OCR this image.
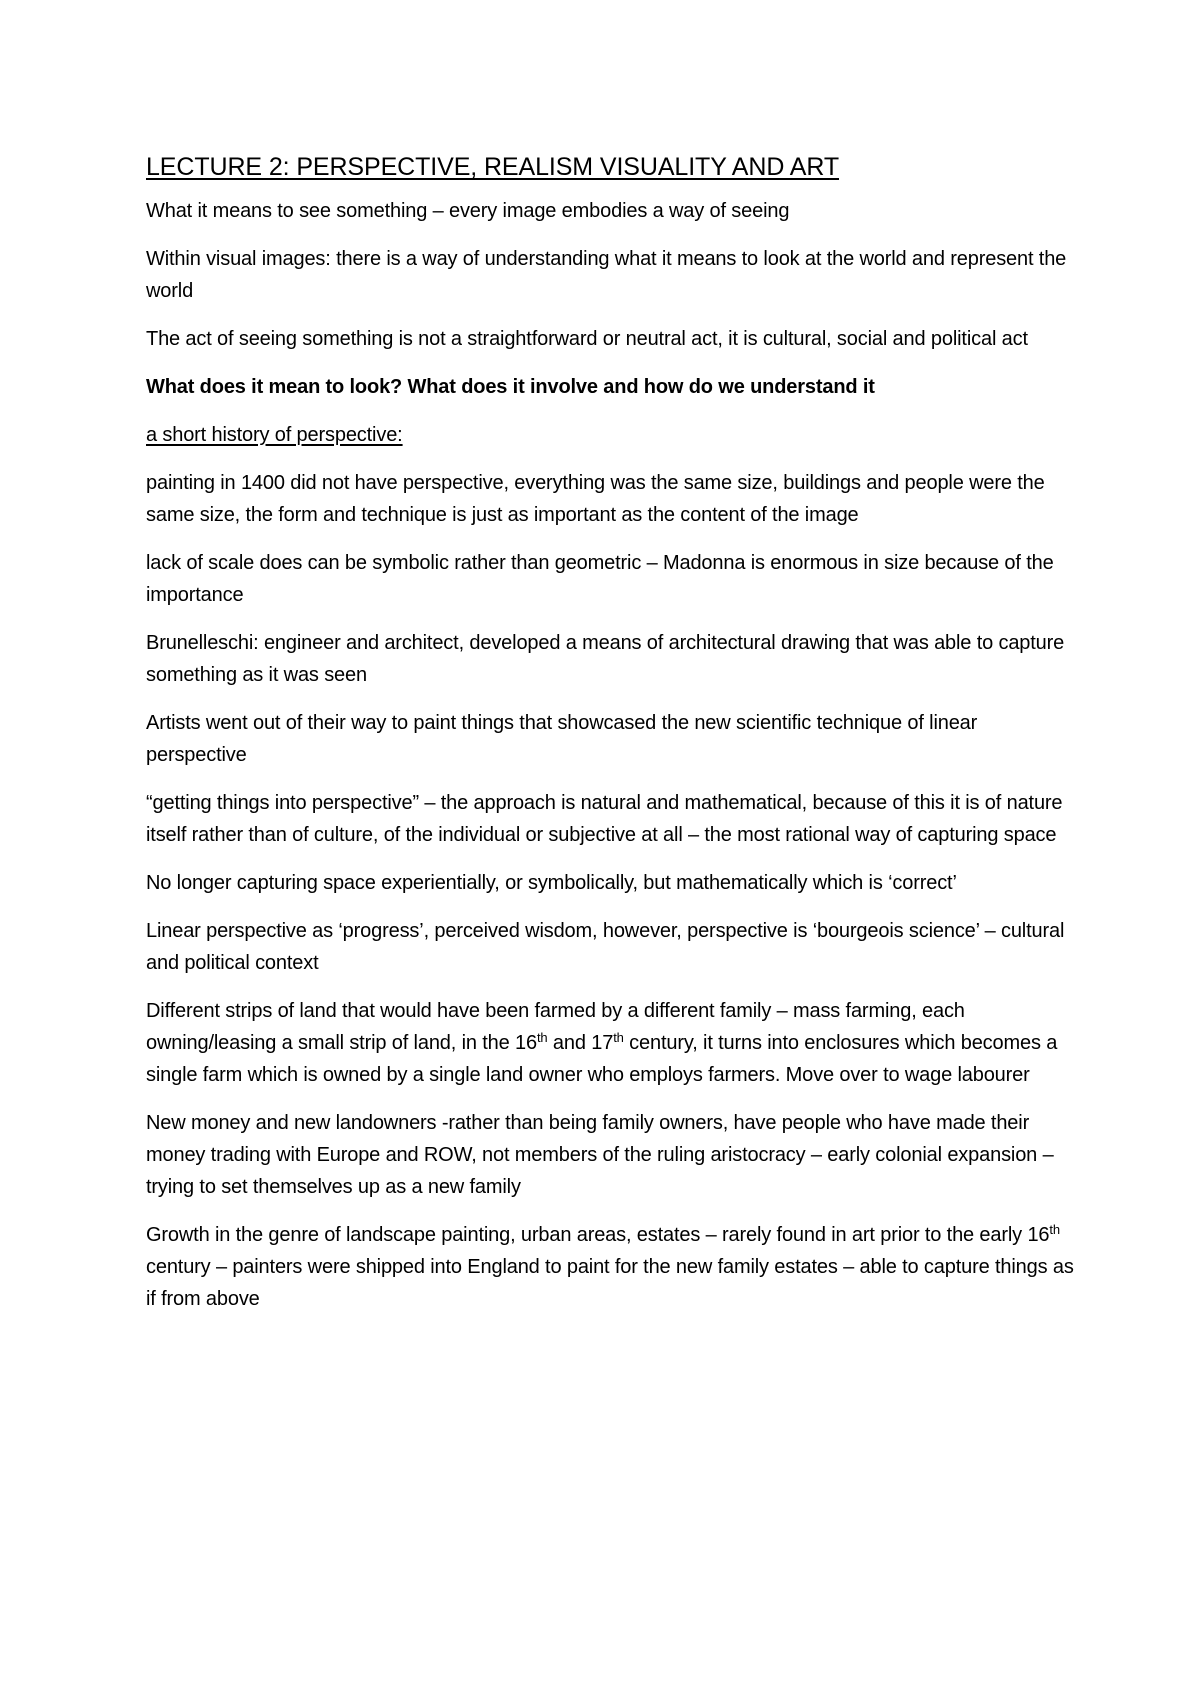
LECTURE 2: PERSPECTIVE, REALISM VISUALITY AND ART

What it means to see something – every image embodies a way of seeing

Within visual images: there is a way of understanding what it means to look at the world and represent the world

The act of seeing something is not a straightforward or neutral act, it is cultural, social and political act

What does it mean to look? What does it involve and how do we understand it

a short history of perspective:

painting in 1400 did not have perspective, everything was the same size, buildings and people were the same size, the form and technique is just as important as the content of the image

lack of scale does can be symbolic rather than geometric – Madonna is enormous in size because of the importance

Brunelleschi: engineer and architect, developed a means of architectural drawing that was able to capture something as it was seen

Artists went out of their way to paint things that showcased the new scientific technique of linear perspective

“getting things into perspective” – the approach is natural and mathematical, because of this it is of nature itself rather than of culture, of the individual or subjective at all – the most rational way of capturing space

No longer capturing space experientially, or symbolically, but mathematically which is ‘correct’

Linear perspective as ‘progress’, perceived wisdom, however, perspective is ‘bourgeois science’ – cultural and political context

Different strips of land that would have been farmed by a different family – mass farming, each owning/leasing a small strip of land, in the 16th and 17th century, it turns into enclosures which becomes a single farm which is owned by a single land owner who employs farmers. Move over to wage labourer

New money and new landowners -rather than being family owners, have people who have made their money trading with Europe and ROW, not members of the ruling aristocracy – early colonial expansion – trying to set themselves up as a new family

Growth in the genre of landscape painting, urban areas, estates – rarely found in art prior to the early 16th century – painters were shipped into England to paint for the new family estates – able to capture things as if from above
